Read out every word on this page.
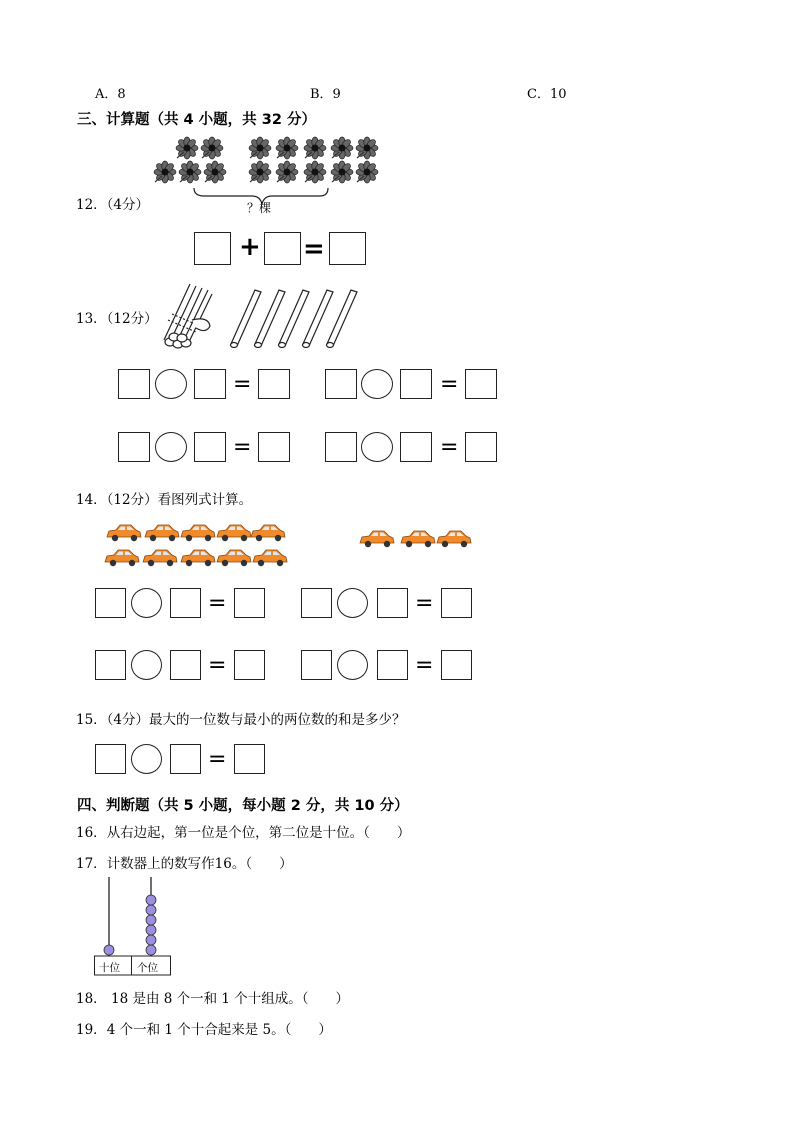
A．8	B．9	C．10
三、计算题（共 4 小题，共 32 分）
？棵
12．（4分）
+ =
13．（12分）
=	=
=	=
14．（12分）看图列式计算。
=	=
=	=
15．（4分）最大的一位数与最小的两位数的和是多少？
=
四、判断题（共 5 小题，每小题 2 分，共 10 分）
16．从右边起，第一位是个位，第二位是十位。（　　）
17．计数器上的数写作16。（　　）
十位 个位
18． 18 是由 8 个一和 1 个十组成。（　　）
19．4 个一和 1 个十合起来是 5。（　　）
